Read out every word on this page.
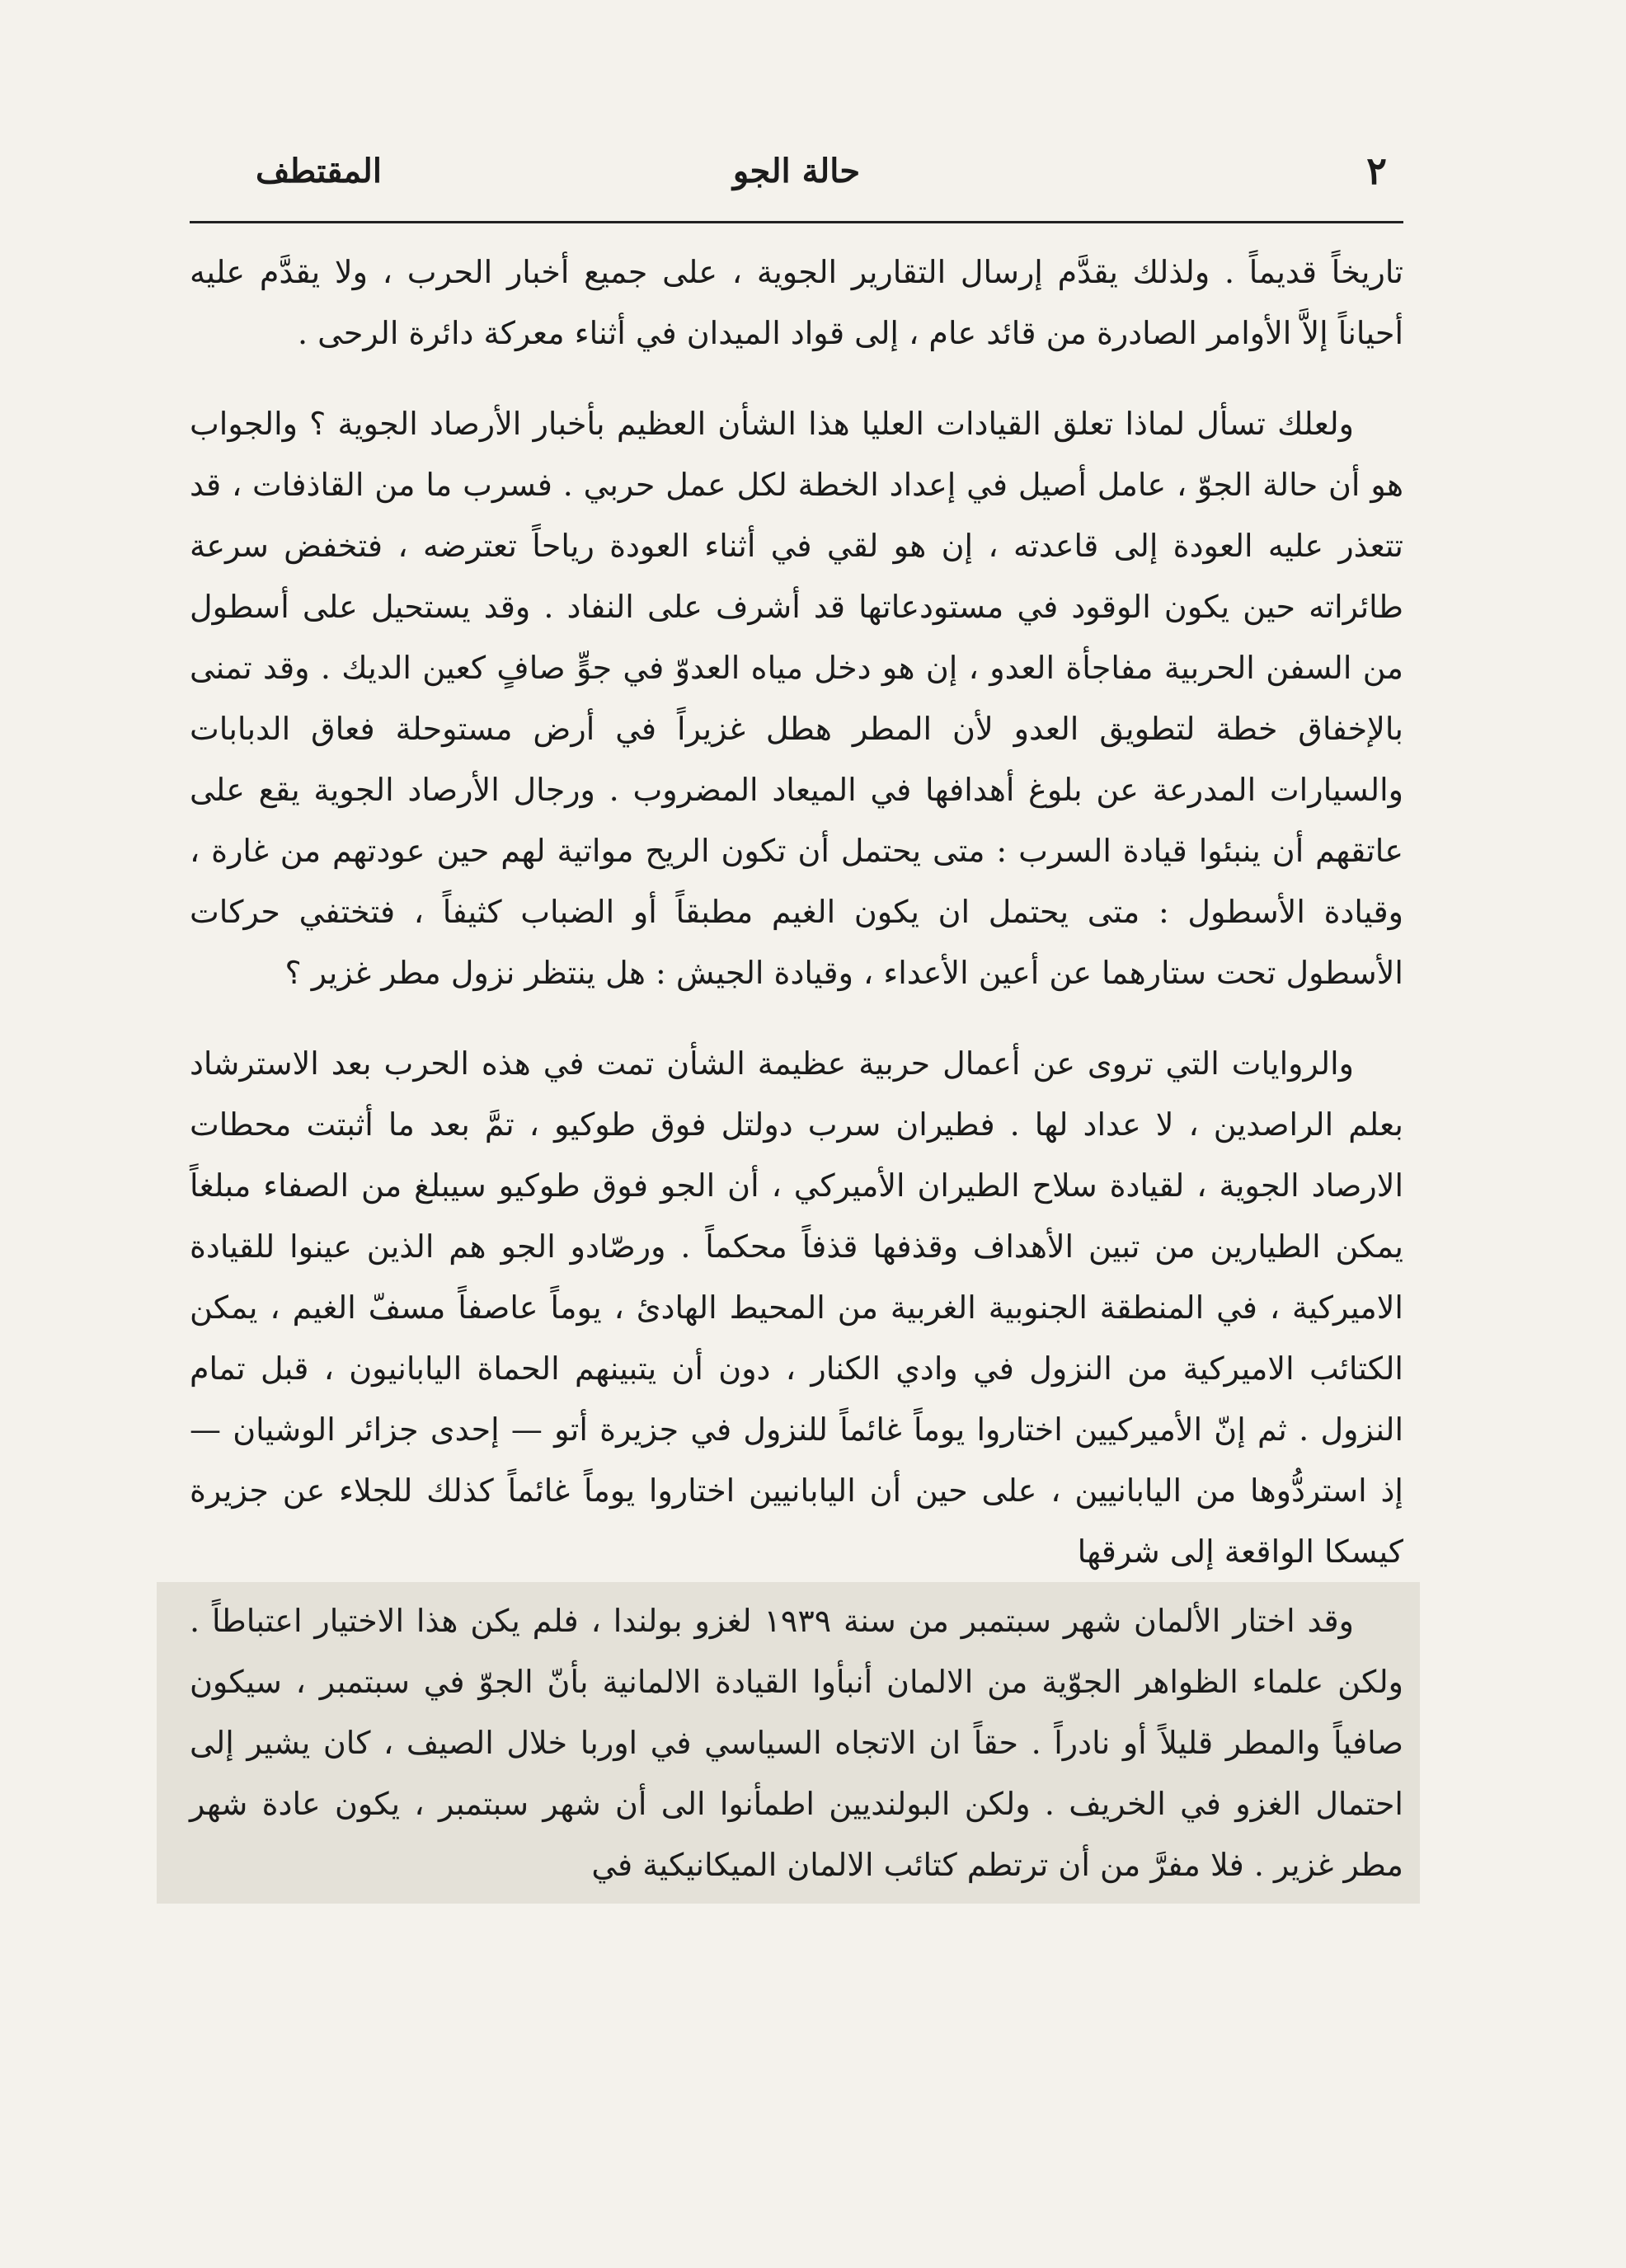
٢
حالة الجو
المقتطف

تاريخاً قديماً . ولذلك يقدَّم إرسال التقارير الجوية ، على جميع أخبار الحرب ، ولا يقدَّم عليه أحياناً إلاَّ الأوامر الصادرة من قائد عام ، إلى قواد الميدان في أثناء معركة دائرة الرحى .

ولعلك تسأل لماذا تعلق القيادات العليا هذا الشأن العظيم بأخبار الأرصاد الجوية ؟ والجواب هو أن حالة الجوّ ، عامل أصيل في إعداد الخطة لكل عمل حربي . فسرب ما من القاذفات ، قد تتعذر عليه العودة إلى قاعدته ، إن هو لقي في أثناء العودة رياحاً تعترضه ، فتخفض سرعة طائراته حين يكون الوقود في مستودعاتها قد أشرف على النفاد . وقد يستحيل على أسطول من السفن الحربية مفاجأة العدو ، إن هو دخل مياه العدوّ في جوٍّ صافٍ كعين الديك . وقد تمنى بالإخفاق خطة لتطويق العدو لأن المطر هطل غزيراً في أرض مستوحلة فعاق الدبابات والسيارات المدرعة عن بلوغ أهدافها في الميعاد المضروب . ورجال الأرصاد الجوية يقع على عاتقهم أن ينبئوا قيادة السرب : متى يحتمل أن تكون الريح مواتية لهم حين عودتهم من غارة ، وقيادة الأسطول : متى يحتمل ان يكون الغيم مطبقاً أو الضباب كثيفاً ، فتختفي حركات الأسطول تحت ستارهما عن أعين الأعداء ، وقيادة الجيش : هل ينتظر نزول مطر غزير ؟

والروايات التي تروى عن أعمال حربية عظيمة الشأن تمت في هذه الحرب بعد الاسترشاد بعلم الراصدين ، لا عداد لها . فطيران سرب دولتل فوق طوكيو ، تمَّ بعد ما أثبتت محطات الارصاد الجوية ، لقيادة سلاح الطيران الأميركي ، أن الجو فوق طوكيو سيبلغ من الصفاء مبلغاً يمكن الطيارين من تبين الأهداف وقذفها قذفاً محكماً . ورصّادو الجو هم الذين عينوا للقيادة الاميركية ، في المنطقة الجنوبية الغربية من المحيط الهادئ ، يوماً عاصفاً مسفّ الغيم ، يمكن الكتائب الاميركية من النزول في وادي الكنار ، دون أن يتبينهم الحماة اليابانيون ، قبل تمام النزول . ثم إنّ الأميركيين اختاروا يوماً غائماً للنزول في جزيرة أتو — إحدى جزائر الوشيان — إذ استردُّوها من اليابانيين ، على حين أن اليابانيين اختاروا يوماً غائماً كذلك للجلاء عن جزيرة كيسكا الواقعة إلى شرقها

وقد اختار الألمان شهر سبتمبر من سنة ١٩٣٩ لغزو بولندا ، فلم يكن هذا الاختيار اعتباطاً . ولكن علماء الظواهر الجوّية من الالمان أنبأوا القيادة الالمانية بأنّ الجوّ في سبتمبر ، سيكون صافياً والمطر قليلاً أو نادراً . حقاً ان الاتجاه السياسي في اوربا خلال الصيف ، كان يشير إلى احتمال الغزو في الخريف . ولكن البولنديين اطمأنوا الى أن شهر سبتمبر ، يكون عادة شهر مطر غزير . فلا مفرَّ من أن ترتطم كتائب الالمان الميكانيكية في
